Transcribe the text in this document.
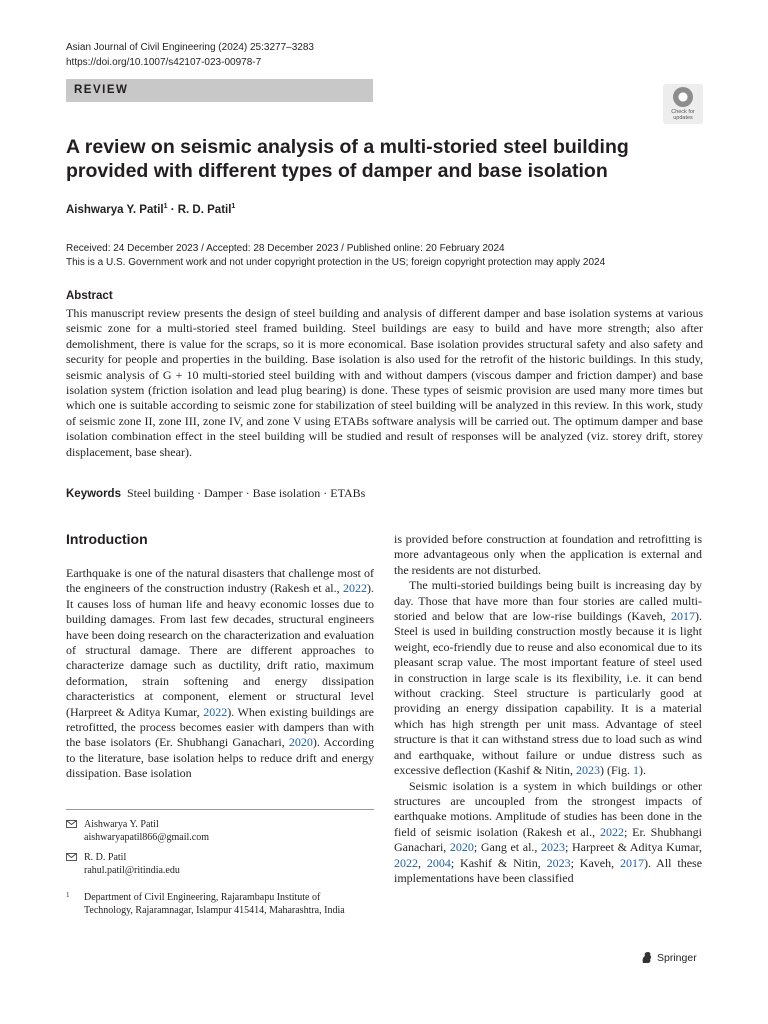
Asian Journal of Civil Engineering (2024) 25:3277–3283
https://doi.org/10.1007/s42107-023-00978-7
REVIEW
Check for
updates
A review on seismic analysis of a multi-storied steel building provided with different types of damper and base isolation
Aishwarya Y. Patil$^1$ · R. D. Patil$^1$
Received: 24 December 2023 / Accepted: 28 December 2023 / Published online: 20 February 2024
This is a U.S. Government work and not under copyright protection in the US; foreign copyright protection may apply 2024
Abstract

This manuscript review presents the design of steel building and analysis of different damper and base isolation systems at various seismic zone for a multi-storied steel framed building. Steel buildings are easy to build and have more strength; also after demolishment, there is value for the scraps, so it is more economical. Base isolation provides structural safety and also safety and security for people and properties in the building. Base isolation is also used for the retrofit of the historic buildings. In this study, seismic analysis of G + 10 multi-storied steel building with and without dampers (viscous damper and friction damper) and base isolation system (friction isolation and lead plug bearing) is done. These types of seismic provision are used many more times but which one is suitable according to seismic zone for stabilization of steel building will be analyzed in this review. In this work, study of seismic zone II, zone III, zone IV, and zone V using ETABs software analysis will be carried out. The optimum damper and base isolation combination effect in the steel building will be studied and result of responses will be analyzed (viz. storey drift, storey displacement, base shear).

Keywords Steel building · Damper · Base isolation · ETABs
Introduction

Earthquake is one of the natural disasters that challenge most of the engineers of the construction industry (Rakesh et al., 2022). It causes loss of human life and heavy economic losses due to building damages. From last few decades, structural engineers have been doing research on the characterization and evaluation of structural damage. There are different approaches to characterize damage such as ductility, drift ratio, maximum deformation, strain softening and energy dissipation characteristics at component, element or structural level (Harpreet & Aditya Kumar, 2022). When existing buildings are retrofitted, the process becomes easier with dampers than with the base isolators (Er. Shubhangi Ganachari, 2020). According to the literature, base isolation helps to reduce drift and energy dissipation. Base isolation

is provided before construction at foundation and retrofitting is more advantageous only when the application is external and the residents are not disturbed.

The multi-storied buildings being built is increasing day by day. Those that have more than four stories are called multi-storied and below that are low-rise buildings (Kaveh, 2017). Steel is used in building construction mostly because it is light weight, eco-friendly due to reuse and also economical due to its pleasant scrap value. The most important feature of steel used in construction in large scale is its flexibility, i.e. it can bend without cracking. Steel structure is particularly good at providing an energy dissipation capability. It is a material which has high strength per unit mass. Advantage of steel structure is that it can withstand stress due to load such as wind and earthquake, without failure or undue distress such as excessive deflection (Kashif & Nitin, 2023) (Fig. 1).

Seismic isolation is a system in which buildings or other structures are uncoupled from the strongest impacts of earthquake motions. Amplitude of studies has been done in the field of seismic isolation (Rakesh et al., 2022; Er. Shubhangi Ganachari, 2020; Gang et al., 2023; Harpreet & Aditya Kumar, 2022, 2004; Kashif & Nitin, 2023; Kaveh, 2017). All these implementations have been classified

Aishwarya Y. Patil
aishwaryapatil866@gmail.com
R. D. Patil
rahul.patil@ritindia.edu
1 Department of Civil Engineering, Rajarambapu Institute of Technology, Rajaramnagar, Islampur 415414, Maharashtra, India
Springer
